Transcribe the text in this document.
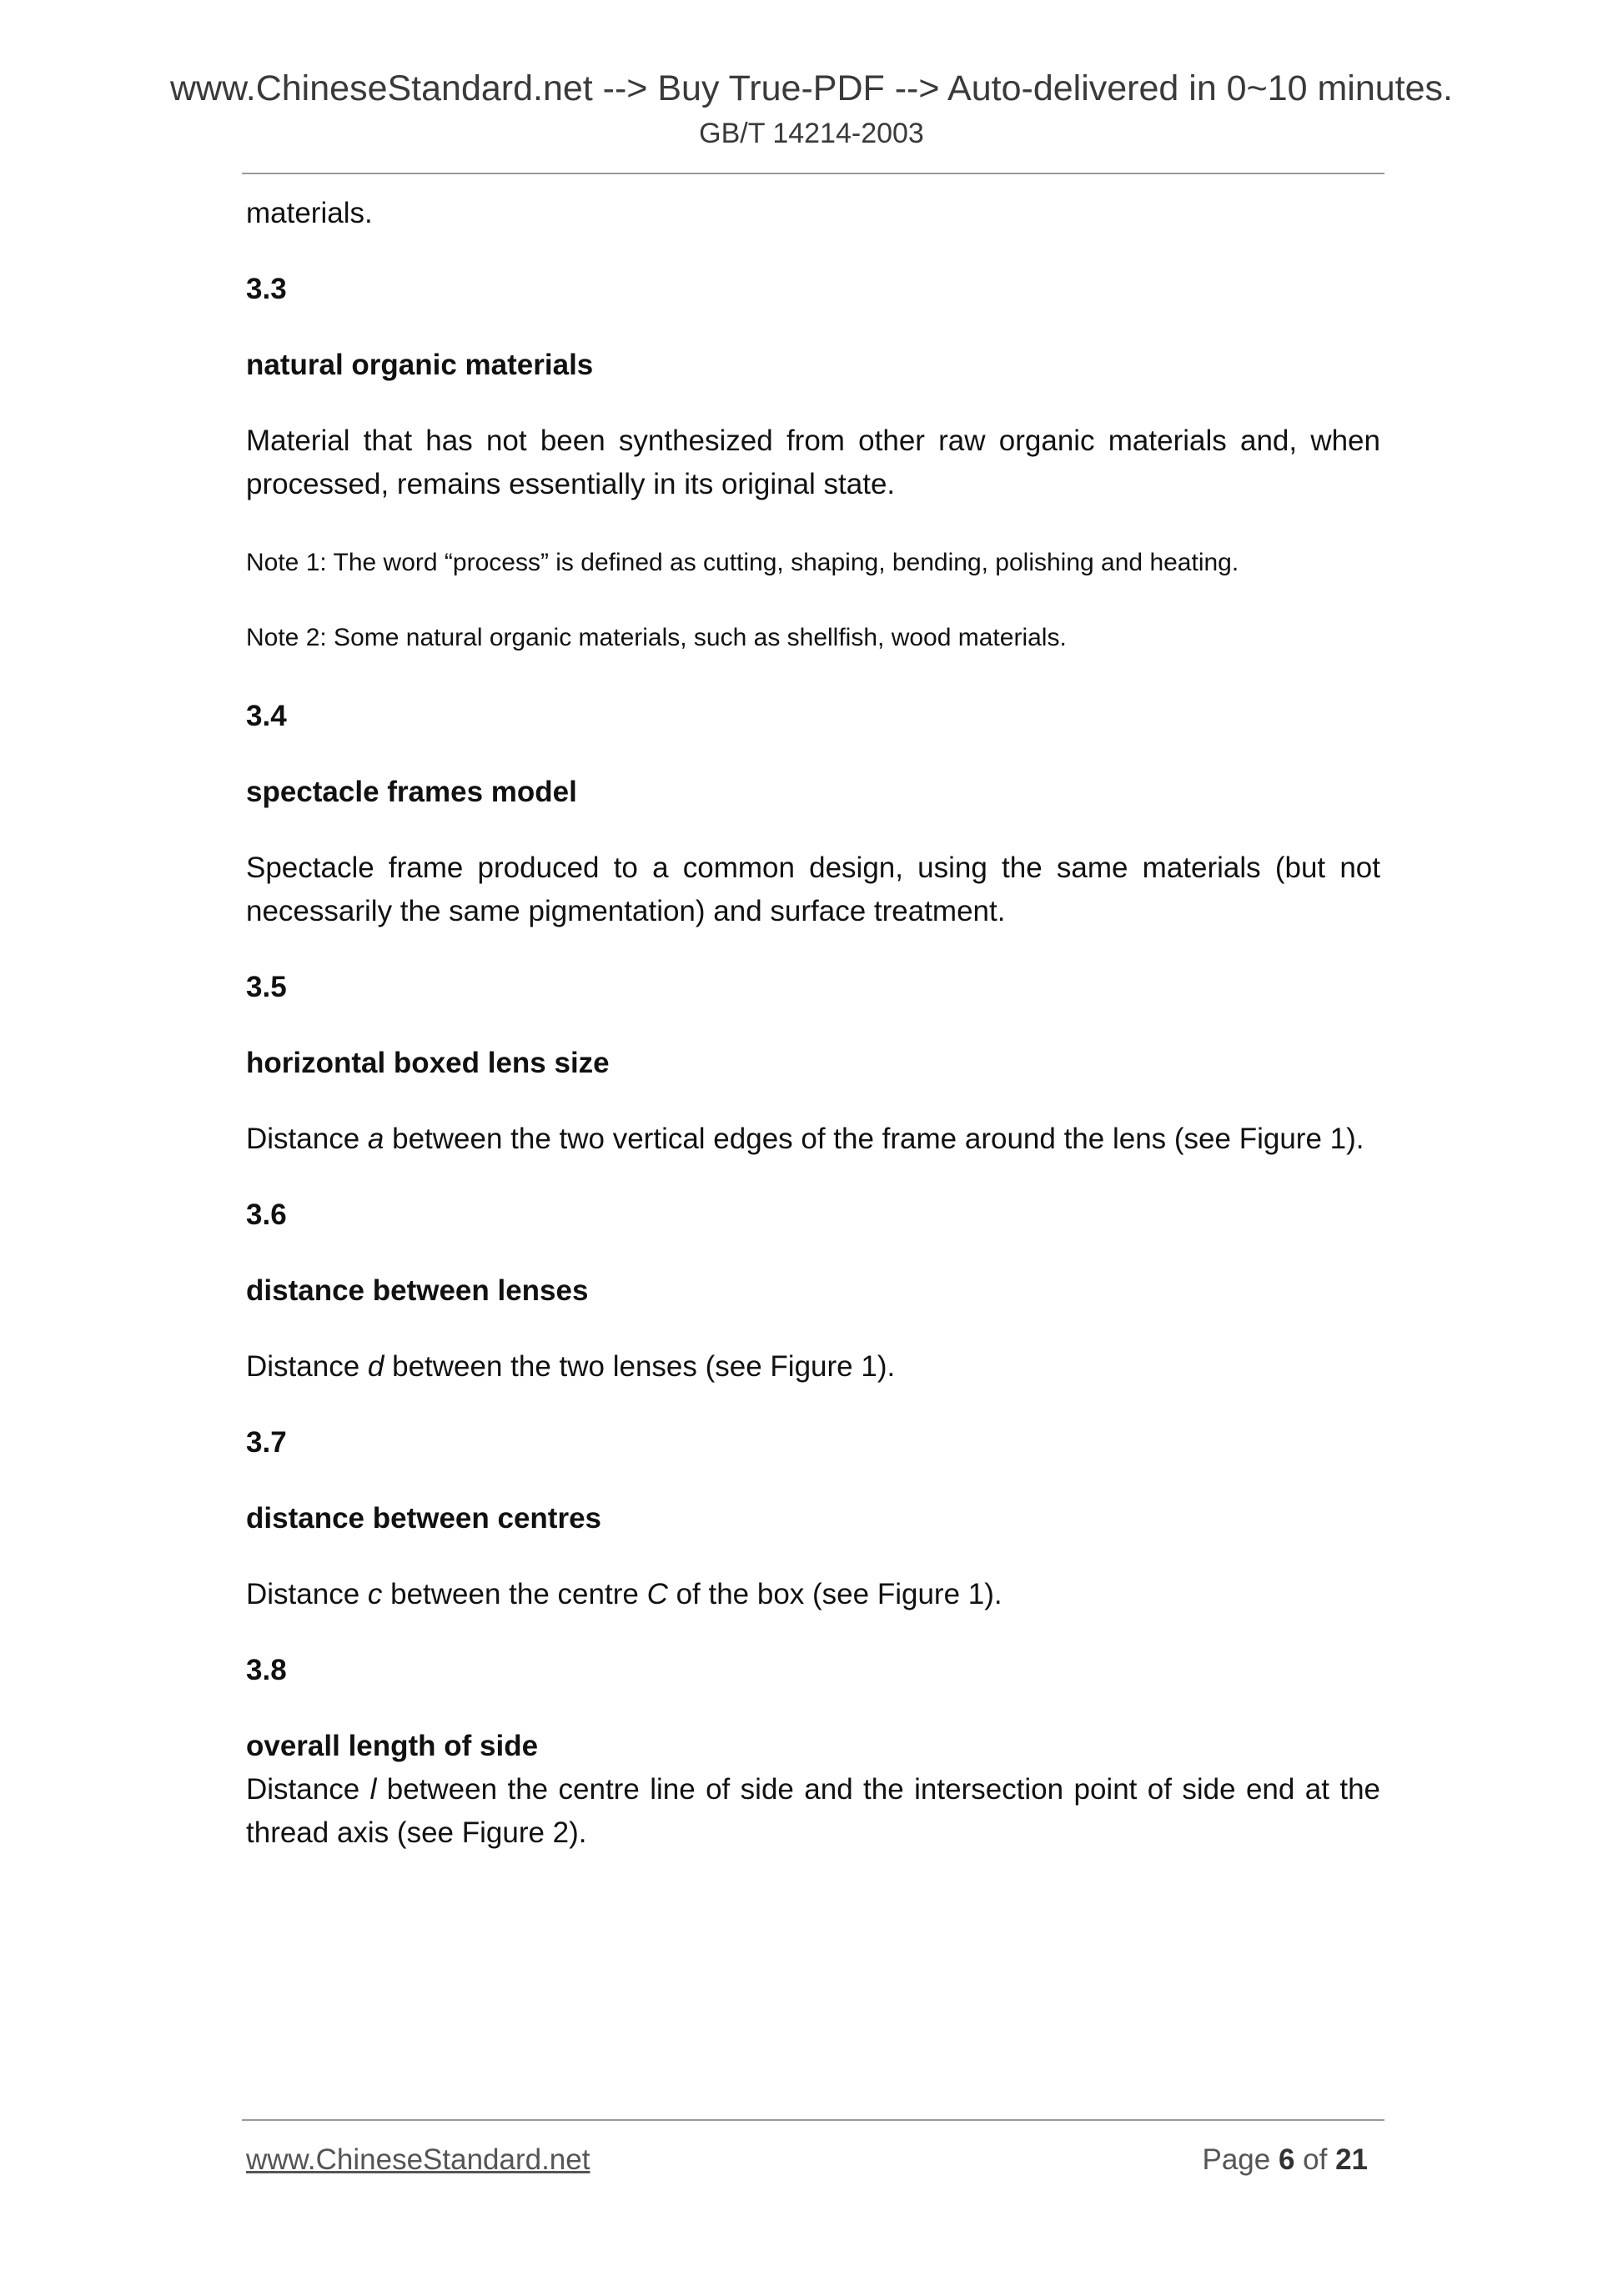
www.ChineseStandard.net --> Buy True-PDF --> Auto-delivered in 0~10 minutes.
GB/T 14214-2003

materials.

3.3

natural organic materials

Material that has not been synthesized from other raw organic materials and, when processed, remains essentially in its original state.

Note 1: The word “process” is defined as cutting, shaping, bending, polishing and heating.

Note 2: Some natural organic materials, such as shellfish, wood materials.

3.4

spectacle frames model

Spectacle frame produced to a common design, using the same materials (but not necessarily the same pigmentation) and surface treatment.

3.5

horizontal boxed lens size

Distance a between the two vertical edges of the frame around the lens (see Figure 1).

3.6

distance between lenses

Distance d between the two lenses (see Figure 1).

3.7

distance between centres

Distance c between the centre C of the box (see Figure 1).

3.8

overall length of side

Distance l between the centre line of side and the intersection point of side end at the thread axis (see Figure 2).

www.ChineseStandard.net	Page 6 of 21
